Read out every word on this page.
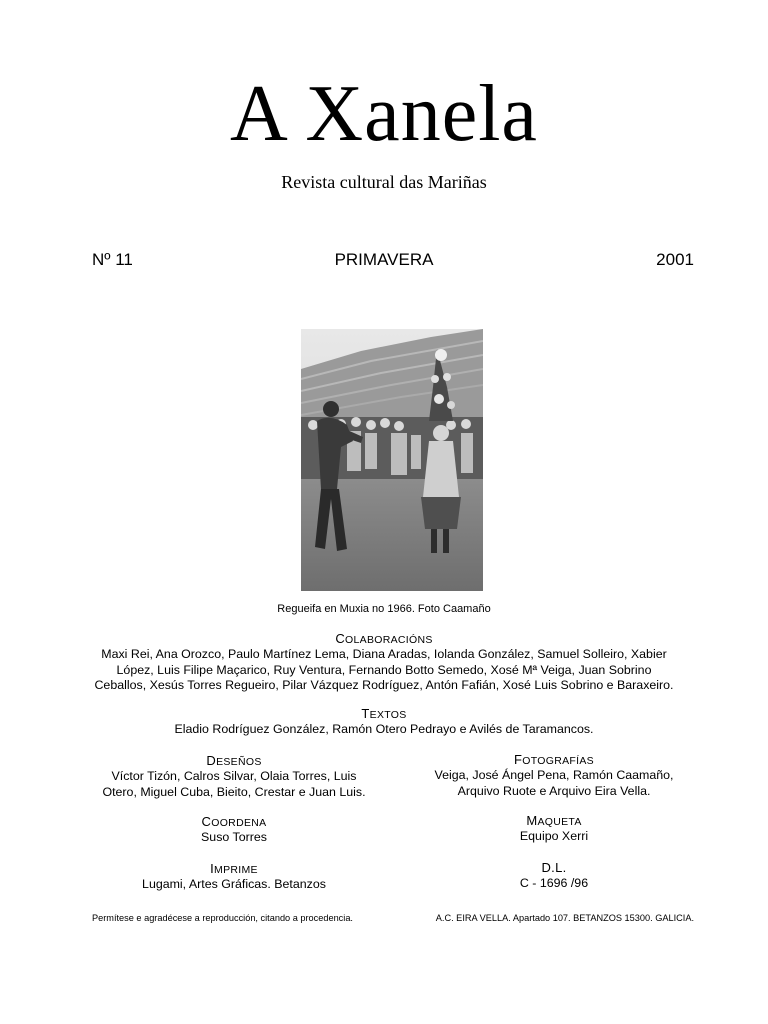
A Xanela
Revista cultural das Mariñas
Nº 11	PRIMAVERA	2001
Regueifa en Muxia no 1966. Foto Caamaño
COLABORACIÓNS
Maxi Rei, Ana Orozco, Paulo Martínez Lema, Diana Aradas, Iolanda González, Samuel Solleiro, Xabier
López, Luis Filipe Maçarico, Ruy Ventura, Fernando Botto Semedo, Xosé Mª Veiga, Juan Sobrino
Ceballos, Xesús Torres Regueiro, Pilar Vázquez Rodríguez, Antón Fafián, Xosé Luis Sobrino e Baraxeiro.
TEXTOS
Eladio Rodríguez González, Ramón Otero Pedrayo e Avilés de Taramancos.
DESEÑOS
Víctor Tizón, Calros Silvar, Olaia Torres, Luis
Otero, Miguel Cuba, Bieito, Crestar e Juan Luis.
FOTOGRAFÍAS
Veiga, José Ángel Pena, Ramón Caamaño,
Arquivo Ruote e Arquivo Eira Vella.
COORDENA
Suso Torres
MAQUETA
Equipo Xerri
IMPRIME
Lugami, Artes Gráficas. Betanzos
D.L.
C - 1696 /96
Permítese e agradécese a reproducción, citando a procedencia.	A.C. EIRA VELLA. Apartado 107. BETANZOS 15300. GALICIA.
